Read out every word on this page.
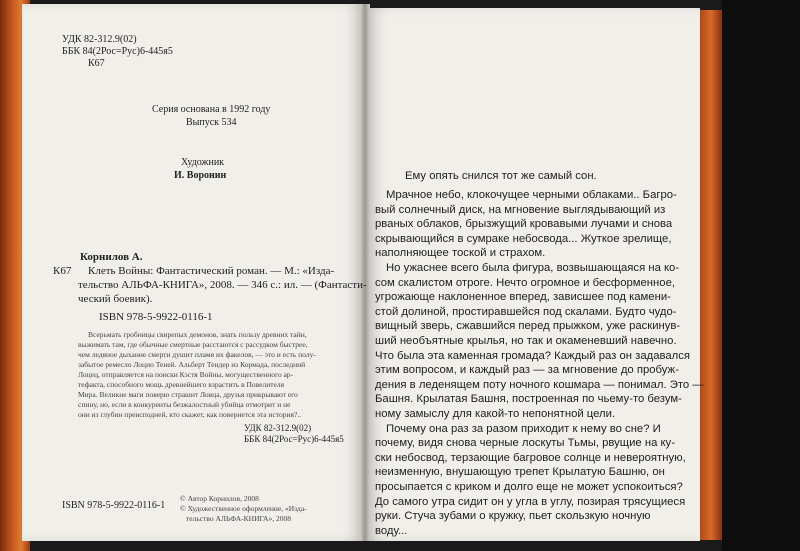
УДК 82-312.9(02)
ББК 84(2Рос=Рус)6-445я5
К67
Серия основана в 1992 году
Выпуск 534
Художник
И. Воронин
Корнилов А.
К67 Клеть Войны: Фантастический роман. — М.: «Изда-
тельство АЛЬФА-КНИГА», 2008. — 346 с.: ил. — (Фантасти-
ческий боевик).
ISBN 978-5-9922-0116-1
Всерьмать гробницы свирепых демонов, знать пользу древних тайн,
выжимать там, где обычные смертные расстаются с рассудком быстрее,
чем ледяное дыхание смерти душит пламя их факелов, — это и есть полу-
забытое ремесло Лоцио Теней. Альберт Тендер из Кормада, последний
Лоцец, отправляется на поиски Кэстя Войны, могущественного ар-
тефакта, способного мощь древнейшего взрастить в Повелителя
Мира. Великие маги поверю страшит Ловца, друзья прикрывают его
спину, но, если в конкуренты безжалостный убийца отмотрит и не
они из глубин преисподней, кто скажет, как повернется эта история?..
УДК 82-312.9(02)
ББК 84(2Рос=Рус)6-445я5
ISBN 978-5-9922-0116-1
© Автор Корнилов, 2008
© Художественное оформление, «Изда-
тельство АЛЬФА-КНИГА», 2008
Ему опять снился тот же самый сон.
Мрачное небо, клокочущее черными облаками.. Багро-
вый солнечный диск, на мгновение выглядывающий из
рваных облаков, брызжущий кровавыми лучами и снова
скрывающийся в сумраке небосвода... Жуткое зрелище,
наполняющее тоской и страхом.
Но ужаснее всего была фигура, возвышающаяся на ко-
сом скалистом отроге. Нечто огромное и бесформенное,
угрожающе наклоненное вперед, зависшее под камени-
стой долиной, простиравшейся под скалами. Будто чудо-
вищный зверь, сжавшийся перед прыжком, уже раскинув-
ший необъятные крылья, но так и окаменевший навечно.
Что была эта каменная громада? Каждый раз он задавался
этим вопросом, и каждый раз — за мгновение до пробуж-
дения в леденящем поту ночного кошмара — понимал. Это —
Башня. Крылатая Башня, построенная по чьему-то безум-
ному замыслу для какой-то непонятной цели.
Почему она раз за разом приходит к нему во сне? И
почему, видя снова черные лоскуты Тьмы, рвущие на ку-
ски небосвод, терзающие багровое солнце и невероятную,
неизменную, внушающую трепет Крылатую Башню, он
просыпается с криком и долго еще не может успокоиться?
До самого утра сидит он у угла в углу, позирая трясущиеся
руки. Стуча зубами о кружку, пьет скользкую ночную
воду...
